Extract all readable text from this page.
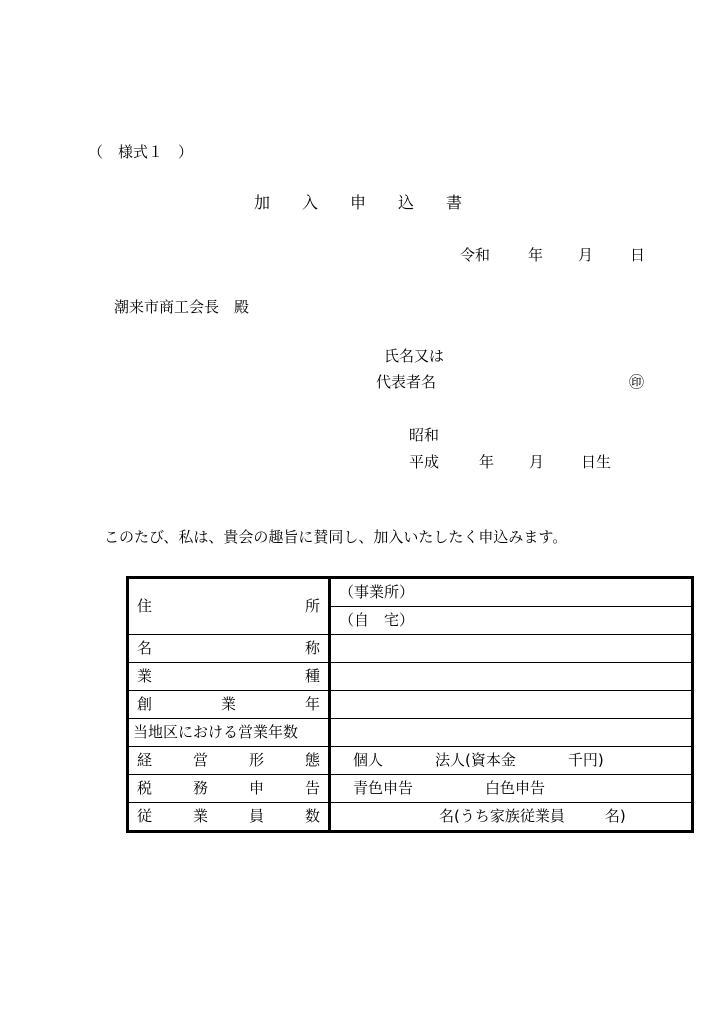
（　様式１　）
加 入 申 込 書
令和	年 月 日
潮来市商工会長　殿
氏名又は
代表者名	㊞
昭和
平成	年 月 日生
このたび、私は、貴会の趣旨に賛同し、加入いたしたく申込みます。
住　　　　　　　所	（事業所）
	（自　宅）
名　　　　　　　称	
業　　　　　　　種	
創　　　業　　　年	
当地区における営業年数	
経　　営　　形　　態	個人 法人(資本金 千円)
税　　務　　申　　告	青色申告 白色申告
従　　業　　員　　数	名(うち家族従業員 名)
